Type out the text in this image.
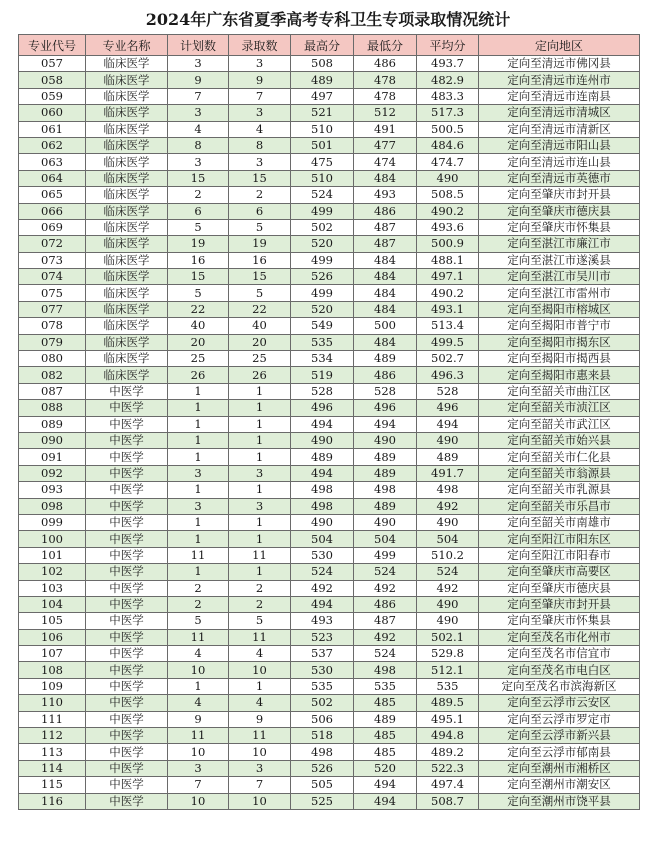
2024年广东省夏季高考专科卫生专项录取情况统计
专业代号	专业名称	计划数	录取数	最高分	最低分	平均分	定向地区
057	临床医学	3	3	508	486	493.7	定向至清远市佛冈县
058	临床医学	9	9	489	478	482.9	定向至清远市连州市
059	临床医学	7	7	497	478	483.3	定向至清远市连南县
060	临床医学	3	3	521	512	517.3	定向至清远市清城区
061	临床医学	4	4	510	491	500.5	定向至清远市清新区
062	临床医学	8	8	501	477	484.6	定向至清远市阳山县
063	临床医学	3	3	475	474	474.7	定向至清远市连山县
064	临床医学	15	15	510	484	490	定向至清远市英德市
065	临床医学	2	2	524	493	508.5	定向至肇庆市封开县
066	临床医学	6	6	499	486	490.2	定向至肇庆市德庆县
069	临床医学	5	5	502	487	493.6	定向至肇庆市怀集县
072	临床医学	19	19	520	487	500.9	定向至湛江市廉江市
073	临床医学	16	16	499	484	488.1	定向至湛江市遂溪县
074	临床医学	15	15	526	484	497.1	定向至湛江市吴川市
075	临床医学	5	5	499	484	490.2	定向至湛江市雷州市
077	临床医学	22	22	520	484	493.1	定向至揭阳市榕城区
078	临床医学	40	40	549	500	513.4	定向至揭阳市普宁市
079	临床医学	20	20	535	484	499.5	定向至揭阳市揭东区
080	临床医学	25	25	534	489	502.7	定向至揭阳市揭西县
082	临床医学	26	26	519	486	496.3	定向至揭阳市惠来县
087	中医学	1	1	528	528	528	定向至韶关市曲江区
088	中医学	1	1	496	496	496	定向至韶关市浈江区
089	中医学	1	1	494	494	494	定向至韶关市武江区
090	中医学	1	1	490	490	490	定向至韶关市始兴县
091	中医学	1	1	489	489	489	定向至韶关市仁化县
092	中医学	3	3	494	489	491.7	定向至韶关市翁源县
093	中医学	1	1	498	498	498	定向至韶关市乳源县
098	中医学	3	3	498	489	492	定向至韶关市乐昌市
099	中医学	1	1	490	490	490	定向至韶关市南雄市
100	中医学	1	1	504	504	504	定向至阳江市阳东区
101	中医学	11	11	530	499	510.2	定向至阳江市阳春市
102	中医学	1	1	524	524	524	定向至肇庆市高要区
103	中医学	2	2	492	492	492	定向至肇庆市德庆县
104	中医学	2	2	494	486	490	定向至肇庆市封开县
105	中医学	5	5	493	487	490	定向至肇庆市怀集县
106	中医学	11	11	523	492	502.1	定向至茂名市化州市
107	中医学	4	4	537	524	529.8	定向至茂名市信宜市
108	中医学	10	10	530	498	512.1	定向至茂名市电白区
109	中医学	1	1	535	535	535	定向至茂名市滨海新区
110	中医学	4	4	502	485	489.5	定向至云浮市云安区
111	中医学	9	9	506	489	495.1	定向至云浮市罗定市
112	中医学	11	11	518	485	494.8	定向至云浮市新兴县
113	中医学	10	10	498	485	489.2	定向至云浮市郁南县
114	中医学	3	3	526	520	522.3	定向至潮州市湘桥区
115	中医学	7	7	505	494	497.4	定向至潮州市潮安区
116	中医学	10	10	525	494	508.7	定向至潮州市饶平县
